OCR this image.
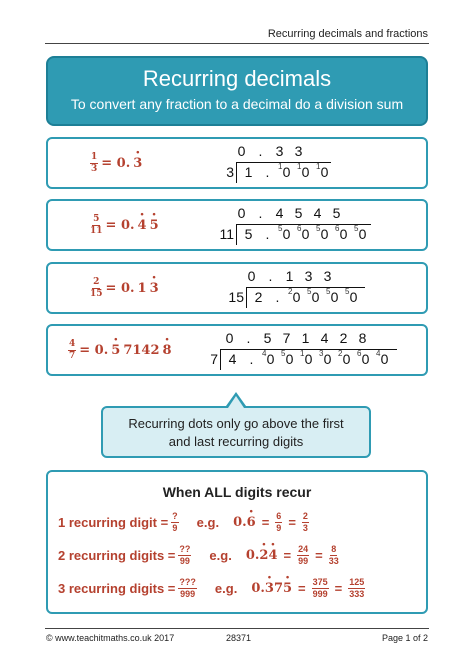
Recurring decimals and fractions
Recurring decimals
To convert any fraction to a decimal do a division sum
$\frac{1}{3} = 0$. · 3
0 . 3 3
3 1 .	1 0 1 0 1 0
$\frac{5}{11} = 0$. · 4 · 5
0 . 4 5 4 5
11 5 .	5 0 6 0 5 0 6 0 5 0
$\frac{2}{15} = 0$. 1 · 3
0 . 1 3 3
15 2 .	2 0 5 0 5 0 5 0
$\frac{4}{7} = 0$. · 5 7142 · 8
0 . 5 7 1 4 2 8
7 4 .	4 0 5 0 1 0 3 0 2 0 6 0 4 0
Recurring dots only go above the first
and last recurring digits
When ALL digits recur
1 recurring digit = $\frac{?}{9} e.g$. $0.\cdot 6 = \frac{6}{9} = \frac{2}{3}$
2 recurring digits = $\frac{??}{99} e.g$. $0.\cdot 2\cdot 4 = \frac{24}{99} = \frac{8}{33}$
3 recurring digits = $\frac{???}{999} e.g$. $0.\cdot 37\cdot 5 = \frac{375}{999} = \frac{125}{333}$
© www.teachitmaths.co.uk 2017	28371	Page 1 of 2
